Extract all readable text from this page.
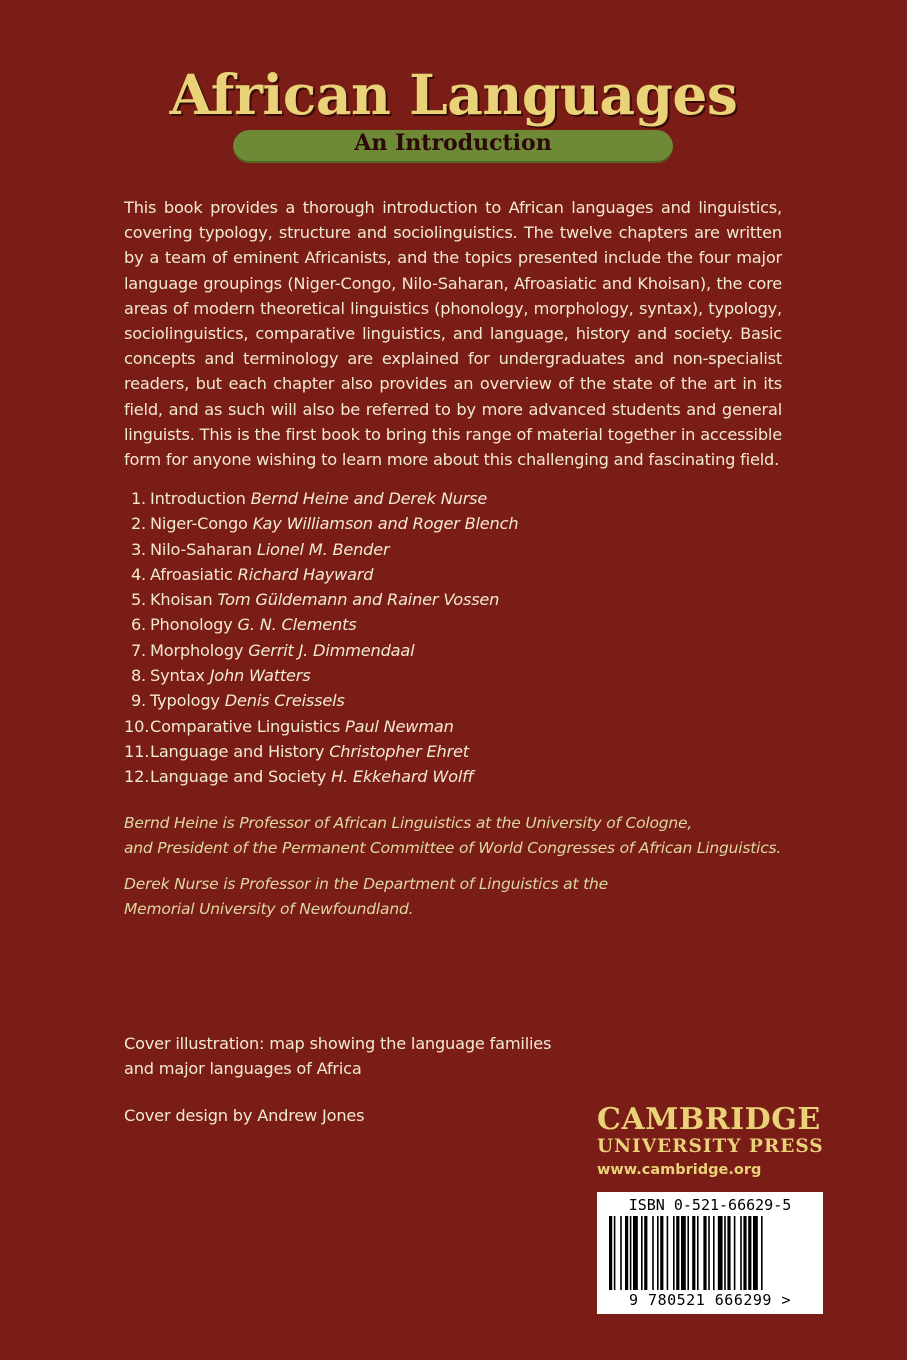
African Languages
An Introduction

This book provides a thorough introduction to African languages and linguistics, covering typology, structure and sociolinguistics. The twelve chapters are written by a team of eminent Africanists, and the topics presented include the four major language groupings (Niger-Congo, Nilo-Saharan, Afroasiatic and Khoisan), the core areas of modern theoretical linguistics (phonology, morphology, syntax), typology, sociolinguistics, comparative linguistics, and language, history and society. Basic concepts and terminology are explained for undergraduates and non-specialist readers, but each chapter also provides an overview of the state of the art in its field, and as such will also be referred to by more advanced students and general linguists. This is the first book to bring this range of material together in accessible form for anyone wishing to learn more about this challenging and fascinating field.

1. Introduction Bernd Heine and Derek Nurse
2. Niger-Congo Kay Williamson and Roger Blench
3. Nilo-Saharan Lionel M. Bender
4. Afroasiatic Richard Hayward
5. Khoisan Tom Güldemann and Rainer Vossen
6. Phonology G. N. Clements
7. Morphology Gerrit J. Dimmendaal
8. Syntax John Watters
9. Typology Denis Creissels
10.Comparative Linguistics Paul Newman
11.Language and History Christopher Ehret
12.Language and Society H. Ekkehard Wolff

Bernd Heine is Professor of African Linguistics at the University of Cologne,
and President of the Permanent Committee of World Congresses of African Linguistics.

Derek Nurse is Professor in the Department of Linguistics at the
Memorial University of Newfoundland.

Cover illustration: map showing the language families
and major languages of Africa

Cover design by Andrew Jones	CAMBRIDGE
UNIVERSITY PRESS
www.cambridge.org
ISBN 0-521-66629-5
9 780521 666299 >
